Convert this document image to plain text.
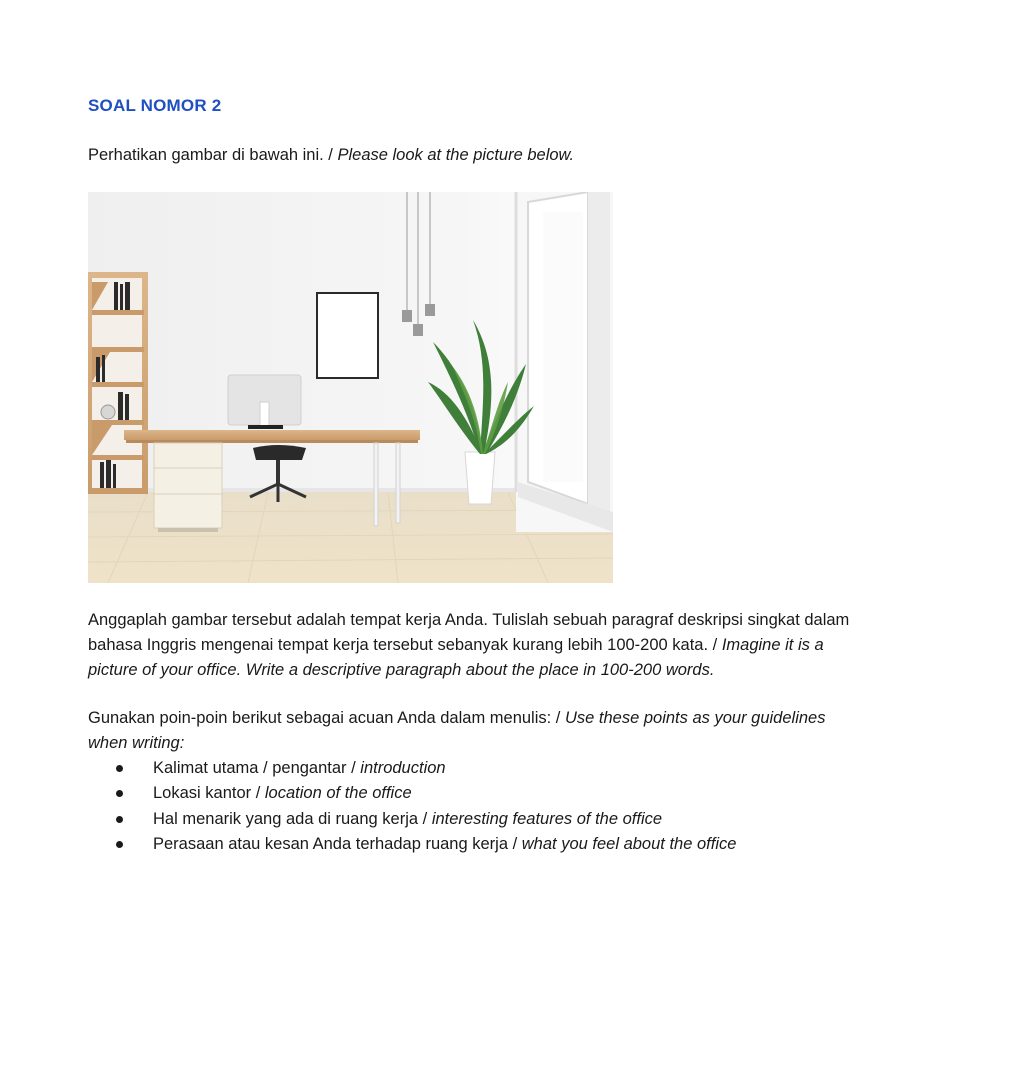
SOAL NOMOR 2
Perhatikan gambar di bawah ini. / Please look at the picture below.
Anggaplah gambar tersebut adalah tempat kerja Anda. Tulislah sebuah paragraf deskripsi singkat dalam
bahasa Inggris mengenai tempat kerja tersebut sebanyak kurang lebih 100-200 kata. / Imagine it is a
picture of your office. Write a descriptive paragraph about the place in 100-200 words.
Gunakan poin-poin berikut sebagai acuan Anda dalam menulis: / Use these points as your guidelines
when writing:
Kalimat utama / pengantar / introduction
Lokasi kantor / location of the office
Hal menarik yang ada di ruang kerja / interesting features of the office
Perasaan atau kesan Anda terhadap ruang kerja / what you feel about the office
